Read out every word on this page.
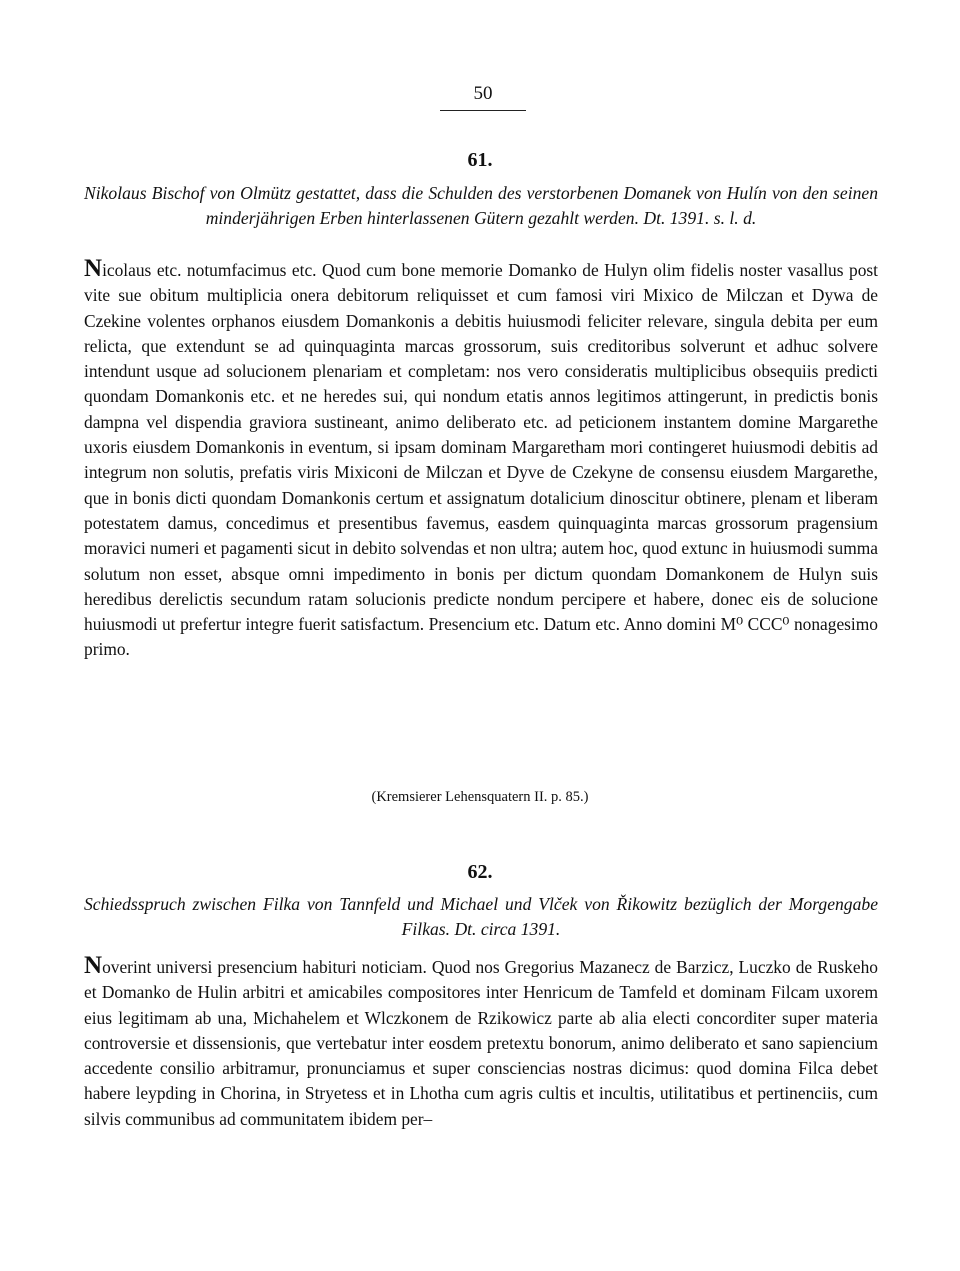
50
61.
Nikolaus Bischof von Olmütz gestattet, dass die Schulden des verstorbenen Domanek von Hulín von den seinen minderjährigen Erben hinterlassenen Gütern gezahlt werden. Dt. 1391. s. l. d.
Nicolaus etc. notumfacimus etc. Quod cum bone memorie Domanko de Hulyn olim fidelis noster vasallus post vite sue obitum multiplicia onera debitorum reliquisset et cum famosi viri Mixico de Milczan et Dywa de Czekine volentes orphanos eiusdem Domankonis a debitis huiusmodi feliciter relevare, singula debita per eum relicta, que extendunt se ad quinquaginta marcas grossorum, suis creditoribus solverunt et adhuc solvere intendunt usque ad solucionem plenariam et completam: nos vero consideratis multiplicibus obsequiis predicti quondam Domankonis etc. et ne heredes sui, qui nondum etatis annos legitimos attingerunt, in predictis bonis dampna vel dispendia graviora sustineant, animo deliberato etc. ad peticionem instantem domine Margarethe uxoris eiusdem Domankonis in eventum, si ipsam dominam Margaretham mori contingeret huiusmodi debitis ad integrum non solutis, prefatis viris Mixiconi de Milczan et Dyve de Czekyne de consensu eiusdem Margarethe, que in bonis dicti quondam Domankonis certum et assignatum dotalicium dinoscitur obtinere, plenam et liberam potestatem damus, concedimus et presentibus favemus, easdem quinquaginta marcas grossorum pragensium moravici numeri et pagamenti sicut in debito solvendas et non ultra; autem hoc, quod extunc in huiusmodi summa solutum non esset, absque omni impedimento in bonis per dictum quondam Domankonem de Hulyn suis heredibus derelictis secundum ratam solucionis predicte nondum percipere et habere, donec eis de solucione huiusmodi ut prefertur integre fuerit satisfactum. Presencium etc. Datum etc. Anno domini M⁰ CCC⁰ nonagesimo primo.
(Kremsierer Lehensquatern II. p. 85.)
62.
Schiedsspruch zwischen Filka von Tannfeld und Michael und Vlček von Řikowitz bezüglich der Morgengabe Filkas. Dt. circa 1391.
Noverint universi presencium habituri noticiam. Quod nos Gregorius Mazanecz de Barzicz, Luczko de Ruskeho et Domanko de Hulin arbitri et amicabiles compositores inter Henricum de Tamfeld et dominam Filcam uxorem eius legitimam ab una, Michahelem et Wlczkonem de Rzikowicz parte ab alia electi concorditer super materia controversie et dissensionis, que vertebatur inter eosdem pretextu bonorum, animo deliberato et sano sapiencium accedente consilio arbitramur, pronunciamus et super consciencias nostras dicimus: quod domina Filca debet habere leypding in Chorina, in Stryetess et in Lhotha cum agris cultis et incultis, utilitatibus et pertinenciis, cum silvis communibus ad communitatem ibidem per–
